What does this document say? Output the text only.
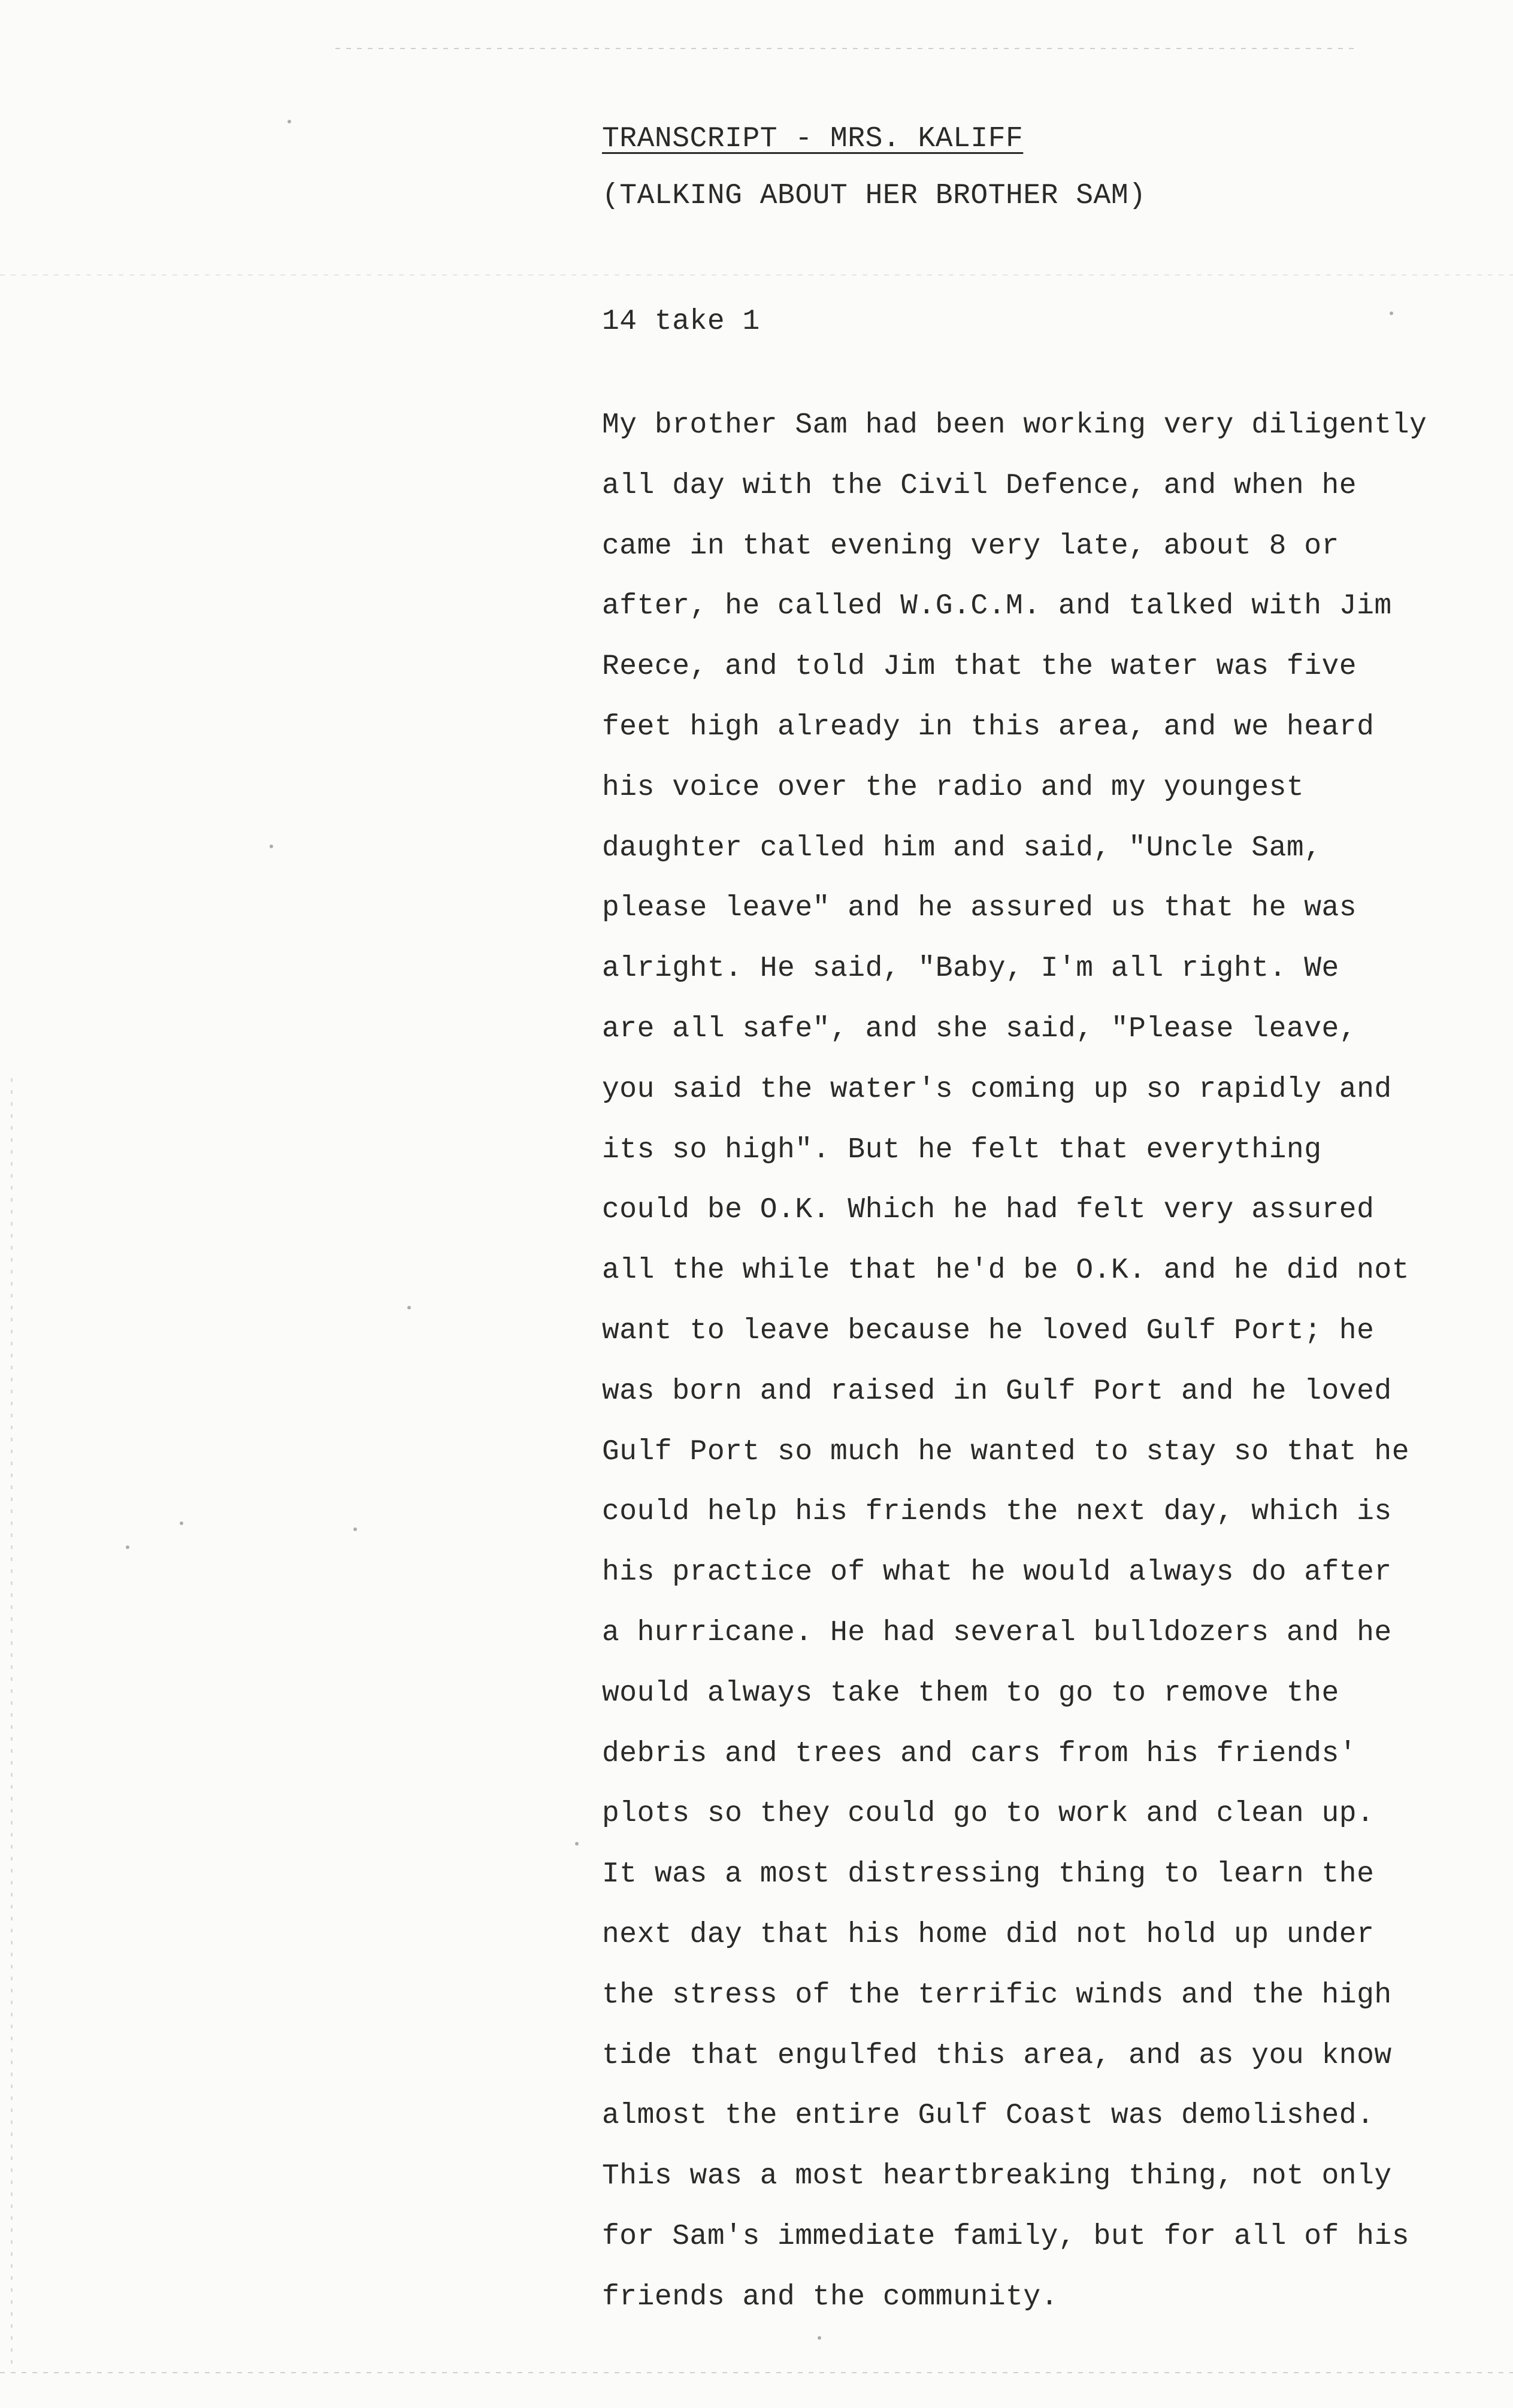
TRANSCRIPT - MRS. KALIFF
(TALKING ABOUT HER BROTHER SAM)
14 take 1
My brother Sam had been working very diligently
all day with the Civil Defence, and when he
came in that evening very late, about 8 or
after, he called W.G.C.M. and talked with Jim
Reece, and told Jim that the water was five
feet high already in this area, and we heard
his voice over the radio and my youngest
daughter called him and said, "Uncle Sam,
please leave" and he assured us that he was
alright. He said, "Baby, I'm all right. We
are all safe", and she said, "Please leave,
you said the water's coming up so rapidly and
its so high". But he felt that everything
could be O.K. Which he had felt very assured
all the while that he'd be O.K. and he did not
want to leave because he loved Gulf Port; he
was born and raised in Gulf Port and he loved
Gulf Port so much he wanted to stay so that he
could help his friends the next day, which is
his practice of what he would always do after
a hurricane. He had several bulldozers and he
would always take them to go to remove the
debris and trees and cars from his friends'
plots so they could go to work and clean up.
It was a most distressing thing to learn the
next day that his home did not hold up under
the stress of the terrific winds and the high
tide that engulfed this area, and as you know
almost the entire Gulf Coast was demolished.
This was a most heartbreaking thing, not only
for Sam's immediate family, but for all of his
friends and the community.
